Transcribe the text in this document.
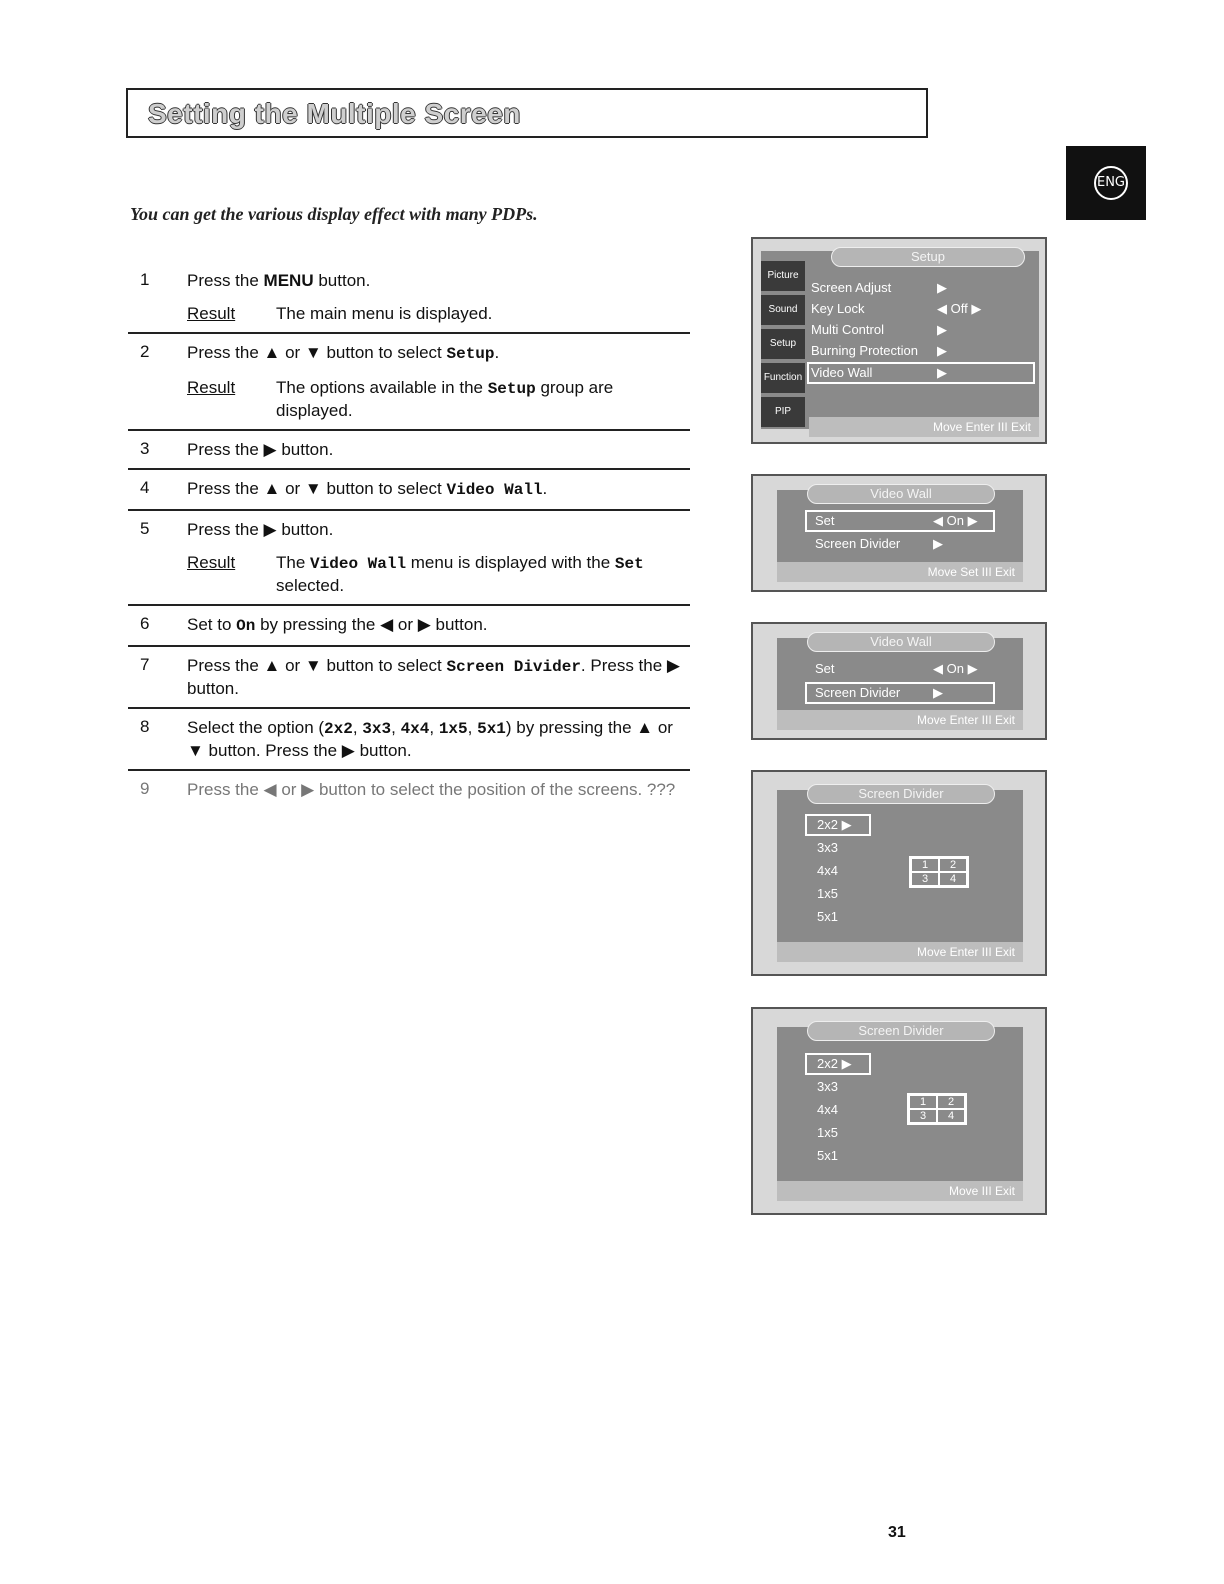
Setting the Multiple Screen
ENG
You can get the various display effect with many PDPs.
1 Press the MENU button.
Result	The main menu is displayed.
2 Press the ▲ or ▼ button to select Setup.
Result	The options available in the Setup group are displayed.
3 Press the ▶ button.
4 Press the ▲ or ▼ button to select Video Wall.
5 Press the ▶ button.
Result	The Video Wall menu is displayed with the Set selected.
6 Set to On by pressing the ◀ or ▶ button.
7 Press the ▲ or ▼ button to select Screen Divider. Press the ▶ button.
8 Select the option (2x2, 3x3, 4x4, 1x5, 5x1) by pressing the ▲ or ▼ button. Press the ▶ button.
9 Press the ◀ or ▶ button to select the position of the screens. ???
Picture
Sound
Setup
Function
PIP
Setup
Screen Adjust	▶
Key Lock	◀ Off ▶
Multi Control	▶
Burning Protection ▶
Video Wall	▶
Move Enter III Exit
Video Wall
Set	◀ On ▶
Screen Divider	▶
Move Set III Exit
Video Wall
Set	◀ On ▶
Screen Divider	▶
Move Enter III Exit
Screen Divider
2x2 ▶
3x3
4x4
1x5
5x1
1	2
3	4
Move Enter III Exit
Screen Divider
2x2 ▶
3x3
4x4
1x5
5x1
1	2
3	4
Move III Exit
31
